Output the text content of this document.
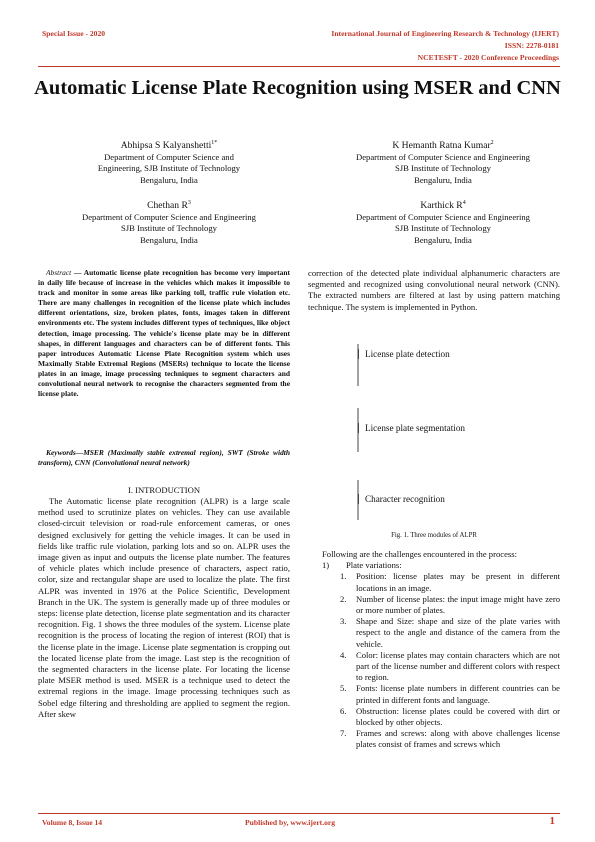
Special Issue - 2020	International Journal of Engineering Research & Technology (IJERT)
ISSN: 2278-0181
NCETESFT - 2020 Conference Proceedings
Automatic License Plate Recognition using MSER and CNN
Abhipsa S Kalyanshetti$^{1*}$
Department of Computer Science and
Engineering, SJB Institute of Technology
Bengaluru, India
K Hemanth Ratna Kumar$^2$
Department of Computer Science and Engineering
SJB Institute of Technology
Bengaluru, India
Chethan $R^3$
Department of Computer Science and Engineering
SJB Institute of Technology
Bengaluru, India
Karthick $R^4$
Department of Computer Science and Engineering
SJB Institute of Technology
Bengaluru, India
Abstract — Automatic license plate recognition has become very important in daily life because of increase in the vehicles which makes it impossible to track and monitor in some areas like parking toll, traffic rule violation etc. There are many challenges in recognition of the license plate which includes different orientations, size, broken plates, fonts, images taken in different environments etc. The system includes different types of techniques, like object detection, image processing. The vehicle's license plate may be in different shapes, in different languages and characters can be of different fonts. This paper introduces Automatic License Plate Recognition system which uses Maximally Stable Extremal Regions (MSERs) technique to locate the license plates in an image, image processing techniques to segment characters and convolutional neural network to recognise the characters segmented from the license plate.
Keywords—MSER (Maximally stable extremal region), SWT (Stroke width transform), CNN (Convolutional neural network)
I. INTRODUCTION
The Automatic license plate recognition (ALPR) is a large scale method used to scrutinize plates on vehicles. They can use available closed-circuit television or road-rule enforcement cameras, or ones designed exclusively for getting the vehicle images. It can be used in fields like traffic rule violation, parking lots and so on. ALPR uses the image given as input and outputs the license plate number. The features of vehicle plates which include presence of characters, aspect ratio, color, size and rectangular shape are used to localize the plate. The first ALPR was invented in 1976 at the Police Scientific, Development Branch in the UK. The system is generally made up of three modules or steps: license plate detection, license plate segmentation and its character recognition. Fig. 1 shows the three modules of the system. License plate recognition is the process of locating the region of interest (ROI) that is the license plate in the image. License plate segmentation is cropping out the located license plate from the image. Last step is the recognition of the segmented characters in the license plate. For locating the license plate MSER method is used. MSER is a technique used to detect the extremal regions in the image. Image processing techniques such as Sobel edge filtering and thresholding are applied to segment the region. After skew
correction of the detected plate individual alphanumeric characters are segmented and recognized using convolutional neural network (CNN). The extracted numbers are filtered at last by using pattern matching technique. The system is implemented in Python.
License plate detection
License plate segmentation
Character recognition
Fig. 1. Three modules of ALPR
Following are the challenges encountered in the process:
1) Plate variations:
1. Position: license plates may be present in different locations in an image.
2. Number of license plates: the input image might have zero or more number of plates.
3. Shape and Size: shape and size of the plate varies with respect to the angle and distance of the camera from the vehicle.
4. Color: license plates may contain characters which are not part of the license number and different colors with respect to region.
5. Fonts: license plate numbers in different countries can be printed in different fonts and language.
6. Obstruction: license plates could be covered with dirt or blocked by other objects.
7. Frames and screws: along with above challenges license plates consist of frames and screws which
Volume 8, Issue 14	Published by, www.ijert.org	1
